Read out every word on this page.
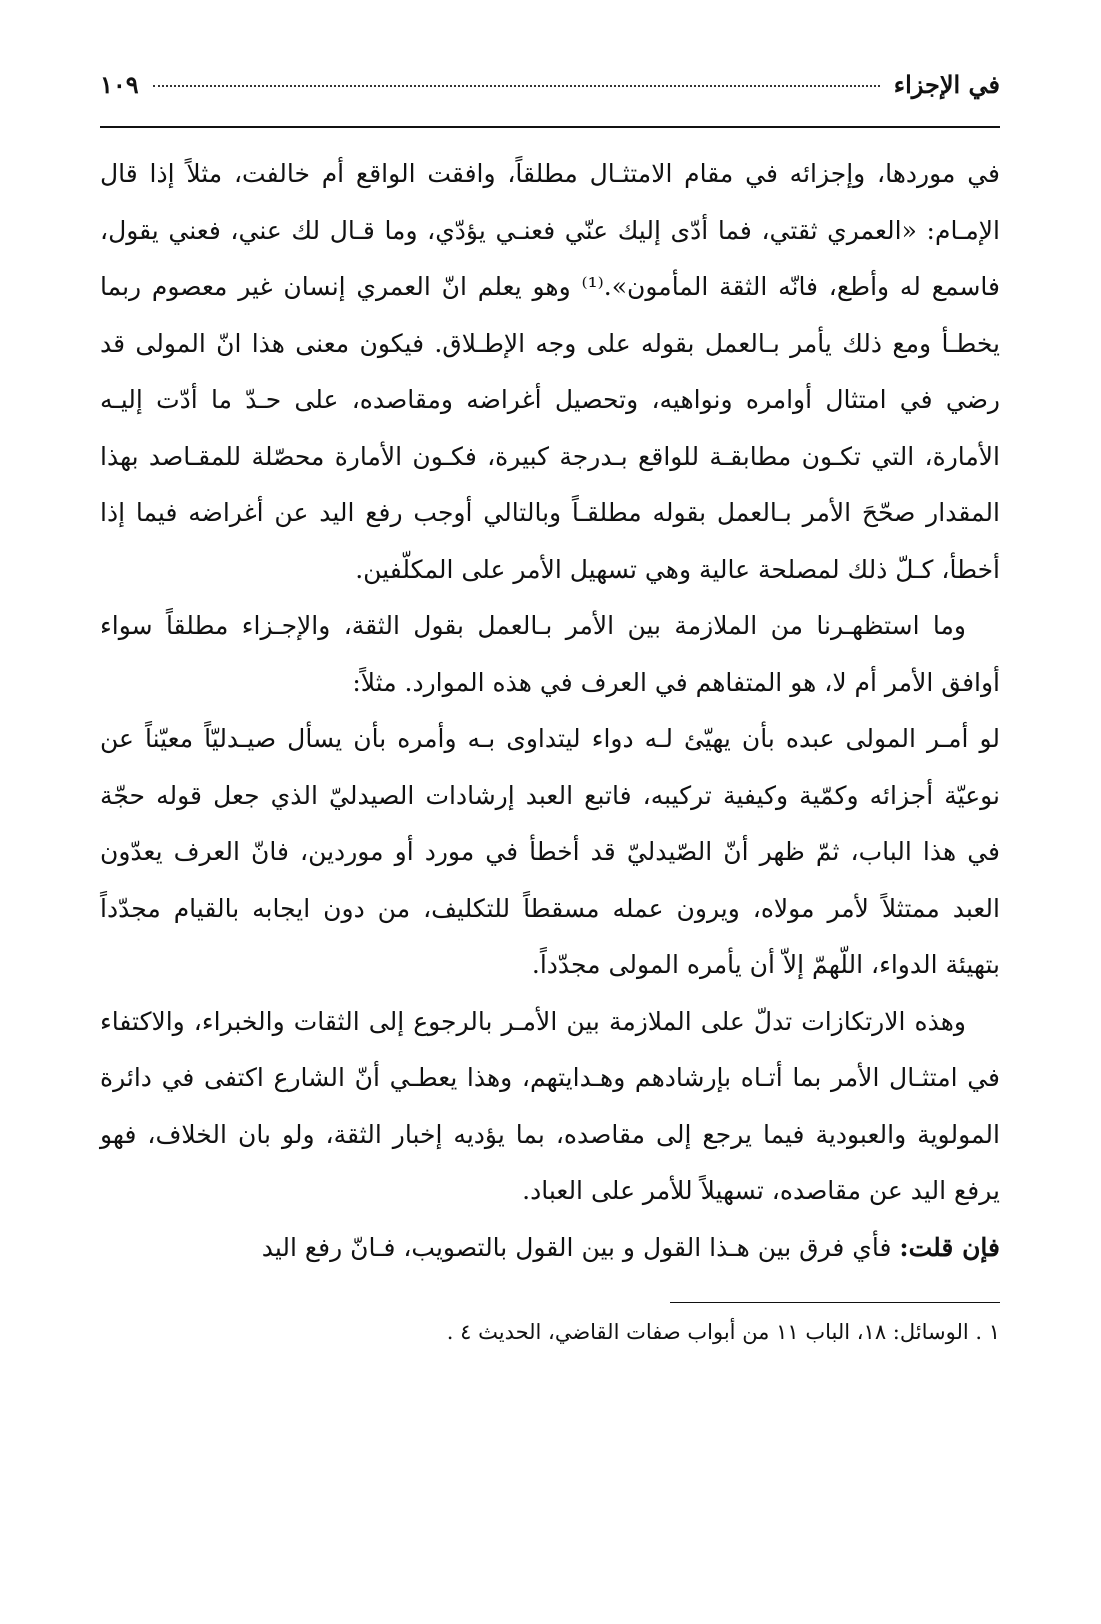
في الإجزاء
١٠٩

في موردها، وإجزائه في مقام الامتثـال مطلقاً، وافقت الواقع أم خالفت، مثلاً إذا قال الإمـام: «العمري ثقتي، فما أدّى إليك عنّي فعنـي يؤدّي، وما قـال لك عني، فعني يقول، فاسمع له وأطع، فانّه الثقة المأمون».⁽¹⁾ وهو يعلم انّ العمري إنسان غير معصوم ربما يخطـأ ومع ذلك يأمر بـالعمل بقوله على وجه الإطـلاق. فيكون معنى هذا انّ المولى قد رضي في امتثال أوامره ونواهيه، وتحصيل أغراضه ومقاصده، على حـدّ ما أدّت إليـه الأمارة، التي تكـون مطابقـة للواقع بـدرجة كبيرة، فكـون الأمارة محصّلة للمقـاصد بهذا المقدار صحّحَ الأمر بـالعمل بقوله مطلقـاً وبالتالي أوجب رفع اليد عن أغراضه فيما إذا أخطأ، كـلّ ذلك لمصلحة عالية وهي تسهيل الأمر على المكلّفين.

وما استظهـرنا من الملازمة بين الأمر بـالعمل بقول الثقة، والإجـزاء مطلقاً سواء أوافق الأمر أم لا، هو المتفاهم في العرف في هذه الموارد. مثلاً:

لو أمـر المولى عبده بأن يهيّئ لـه دواء ليتداوى بـه وأمره بأن يسأل صيـدليّاً معيّناً عن نوعيّة أجزائه وكمّية وكيفية تركيبه، فاتبع العبد إرشادات الصيدليّ الذي جعل قوله حجّة في هذا الباب، ثمّ ظهر أنّ الصّيدليّ قد أخطأ في مورد أو موردين، فانّ العرف يعدّون العبد ممتثلاً لأمر مولاه، ويرون عمله مسقطاً للتكليف، من دون ايجابه بالقيام مجدّداً بتهيئة الدواء، اللّهمّ إلاّ أن يأمره المولى مجدّداً.

وهذه الارتكازات تدلّ على الملازمة بين الأمـر بالرجوع إلى الثقات والخبراء، والاكتفاء في امتثـال الأمر بما أتـاه بإرشادهم وهـدايتهم، وهذا يعطـي أنّ الشارع اكتفى في دائرة المولوية والعبودية فيما يرجع إلى مقاصده، بما يؤديه إخبار الثقة، ولو بان الخلاف، فهو يرفع اليد عن مقاصده، تسهيلاً للأمر على العباد.

فإن قلت: فأي فرق بين هـذا القول و بين القول بالتصويب، فـانّ رفع اليد

١ . الوسائل: ١٨، الباب ١١ من أبواب صفات القاضي، الحديث ٤ .
